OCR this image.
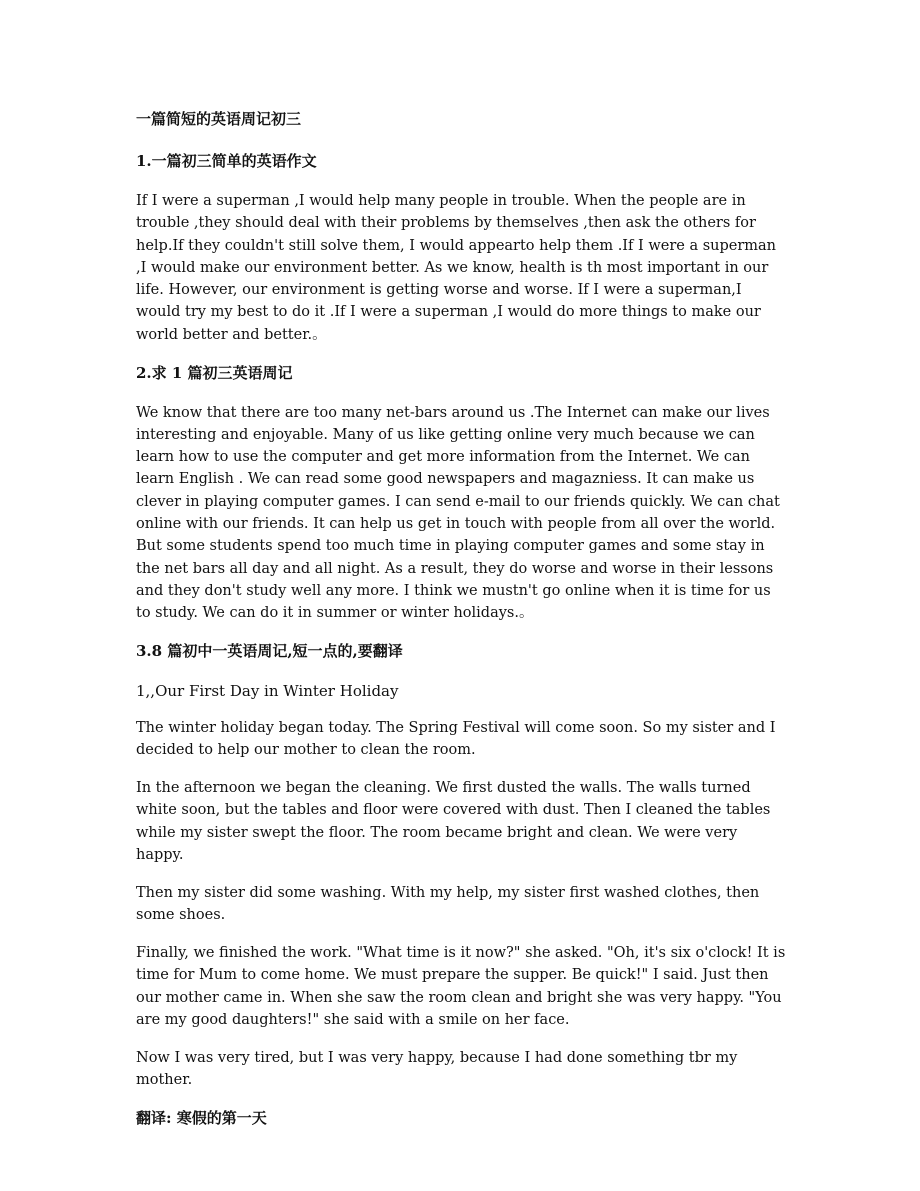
一篇简短的英语周记初三
1.一篇初三简单的英语作文

If I were a superman ,I would help many people in trouble. When the people are in trouble ,they should deal with their problems by themselves ,then ask the others for help.If they couldn't still solve them, I would appearto help them .If I were a superman ,I would make our environment better. As we know, health is th most important in our life. However, our environment is getting worse and worse. If I were a superman,I would try my best to do it .If I were a superman ,I would do more things to make our world better and better.。

2.求 1 篇初三英语周记

We know that there are too many net-bars around us .The Internet can make our lives interesting and enjoyable. Many of us like getting online very much because we can learn how to use the computer and get more information from the Internet. We can learn English . We can read some good newspapers and magazniess. It can make us clever in playing computer games. I can send e-mail to our friends quickly. We can chat online with our friends. It can help us get in touch with people from all over the world. But some students spend too much time in playing computer games and some stay in the net bars all day and all night. As a result, they do worse and worse in their lessons and they don't study well any more. I think we mustn't go online when it is time for us to study. We can do it in summer or winter holidays.。

3.8 篇初中一英语周记,短一点的,要翻译
1,,Our First Day in Winter Holiday

The winter holiday began today. The Spring Festival will come soon. So my sister and I decided to help our mother to clean the room.

In the afternoon we began the cleaning. We first dusted the walls. The walls turned white soon, but the tables and floor were covered with dust. Then I cleaned the tables while my sister swept the floor. The room became bright and clean. We were very happy.

Then my sister did some washing. With my help, my sister first washed clothes, then some shoes.

Finally, we finished the work. "What time is it now?" she asked. "Oh, it's six o'clock! It is time for Mum to come home. We must prepare the supper. Be quick!" I said. Just then our mother came in. When she saw the room clean and bright she was very happy. "You are my good daughters!" she said with a smile on her face.

Now I was very tired, but I was very happy, because I had done something tbr my mother.

翻译: 寒假的第一天
